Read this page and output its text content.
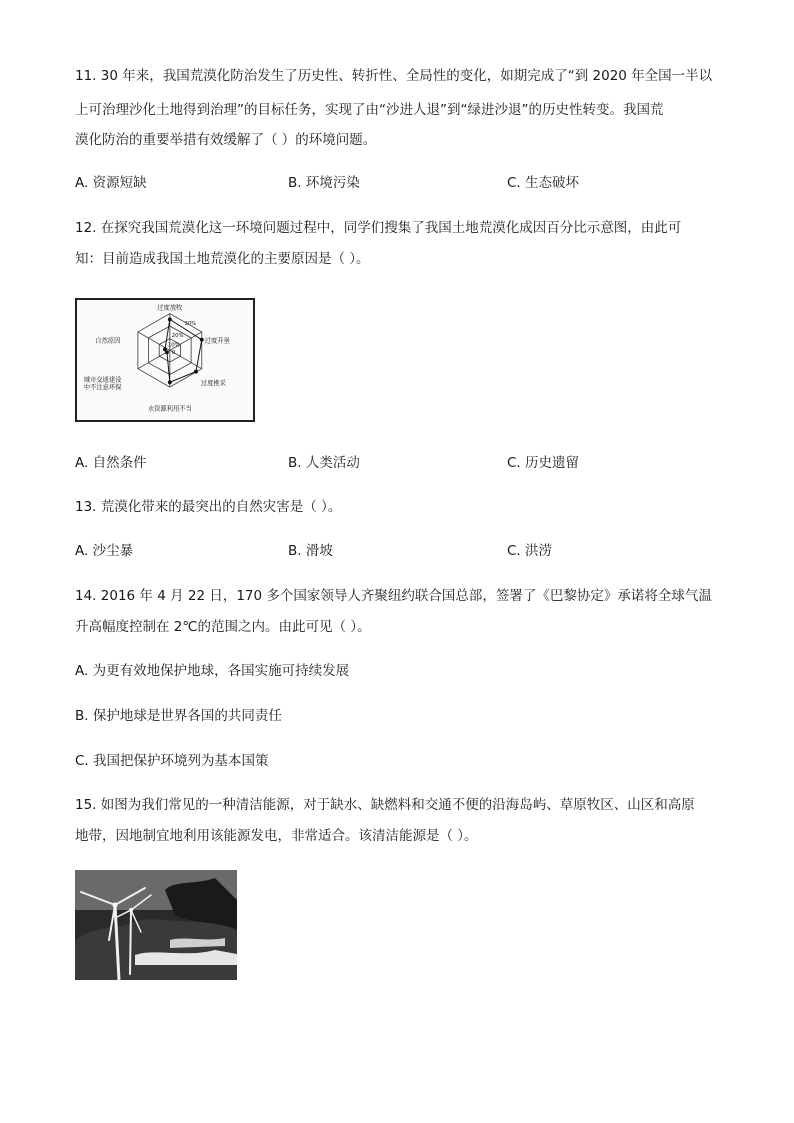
11. 30 年来，我国荒漠化防治发生了历史性、转折性、全局性的变化，如期完成了“到 2020 年全国一半以
上可治理沙化土地得到治理”的目标任务，实现了由“沙进人退”到“绿进沙退”的历史性转变。我国荒
漠化防治的重要举措有效缓解了（ ）的环境问题。
A. 资源短缺	B. 环境污染	C. 生态破坏
12. 在探究我国荒漠化这一环境问题过程中，同学们搜集了我国土地荒漠化成因百分比示意图，由此可
知：目前造成我国土地荒漠化的主要原因是（ ）。
过度放牧
过度开垦
过度樵采
水资源利用不当
城市交通建设
中不注意环保
自然原因
30%
20%
10%
0
A. 自然条件	B. 人类活动	C. 历史遗留
13. 荒漠化带来的最突出的自然灾害是（ ）。
A. 沙尘暴	B. 滑坡	C. 洪涝
14. 2016 年 4 月 22 日，170 多个国家领导人齐聚纽约联合国总部，签署了《巴黎协定》承诺将全球气温
升高幅度控制在 2℃的范围之内。由此可见（ ）。
A. 为更有效地保护地球，各国实施可持续发展
B. 保护地球是世界各国的共同责任
C. 我国把保护环境列为基本国策
15. 如图为我们常见的一种清洁能源，对于缺水、缺燃料和交通不便的沿海岛屿、草原牧区、山区和高原
地带，因地制宜地利用该能源发电，非常适合。该清洁能源是（ ）。
